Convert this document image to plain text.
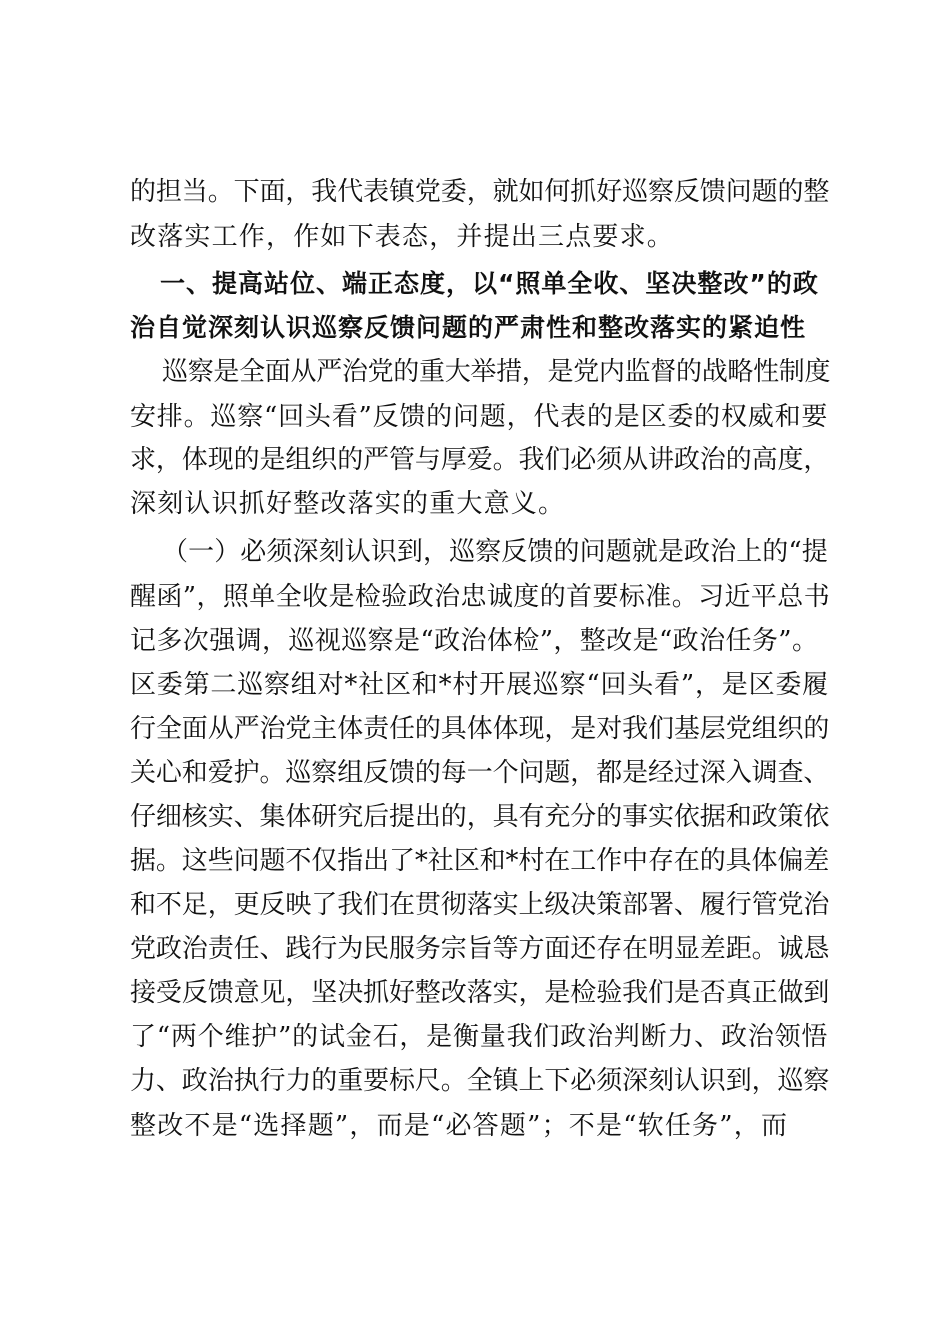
的担当。下面，我代表镇党委，就如何抓好巡察反馈问题的整
改落实工作，作如下表态，并提出三点要求。
一、提高站位、端正态度，以“照单全收、坚决整改”的政
治自觉深刻认识巡察反馈问题的严肃性和整改落实的紧迫性
巡察是全面从严治党的重大举措，是党内监督的战略性制度
安排。巡察“回头看”反馈的问题，代表的是区委的权威和要
求，体现的是组织的严管与厚爱。我们必须从讲政治的高度，
深刻认识抓好整改落实的重大意义。
（一）必须深刻认识到，巡察反馈的问题就是政治上的“提
醒函”，照单全收是检验政治忠诚度的首要标准。习近平总书
记多次强调，巡视巡察是“政治体检”，整改是“政治任务”。
区委第二巡察组对*社区和*村开展巡察“回头看”，是区委履
行全面从严治党主体责任的具体体现，是对我们基层党组织的
关心和爱护。巡察组反馈的每一个问题，都是经过深入调查、
仔细核实、集体研究后提出的，具有充分的事实依据和政策依
据。这些问题不仅指出了*社区和*村在工作中存在的具体偏差
和不足，更反映了我们在贯彻落实上级决策部署、履行管党治
党政治责任、践行为民服务宗旨等方面还存在明显差距。诚恳
接受反馈意见，坚决抓好整改落实，是检验我们是否真正做到
了“两个维护”的试金石，是衡量我们政治判断力、政治领悟
力、政治执行力的重要标尺。全镇上下必须深刻认识到，巡察
整改不是“选择题”，而是“必答题”；不是“软任务”，而
